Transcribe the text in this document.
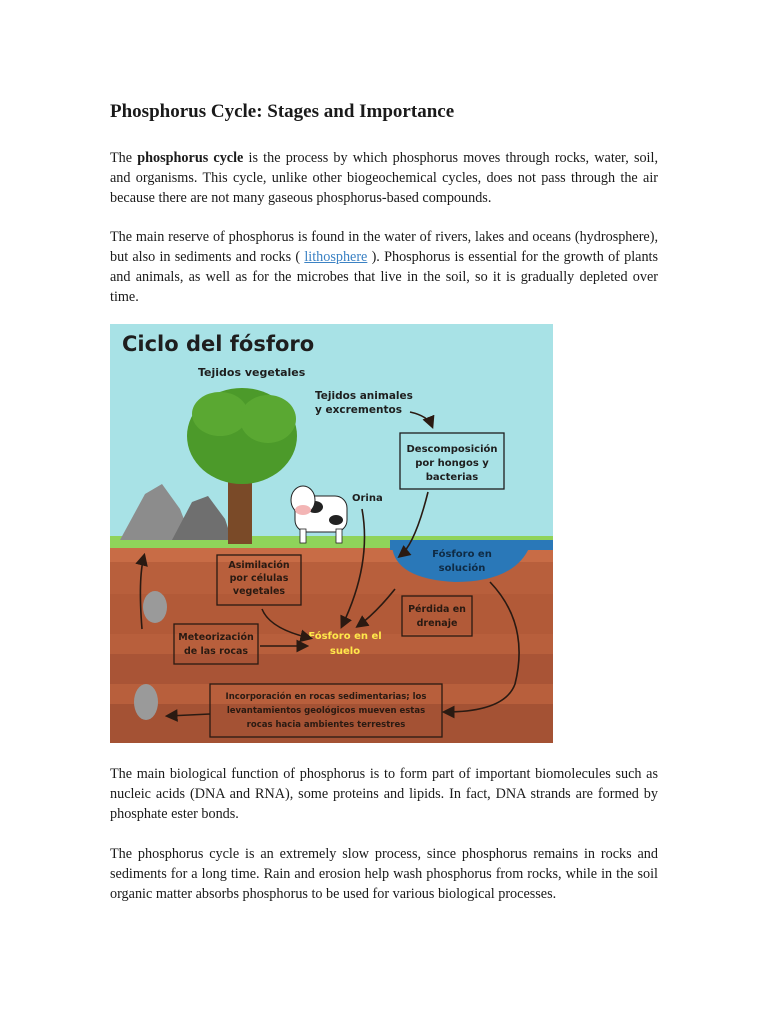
Phosphorus Cycle: Stages and Importance

The phosphorus cycle is the process by which phosphorus moves through rocks, water, soil, and organisms. This cycle, unlike other biogeochemical cycles, does not pass through the air because there are not many gaseous phosphorus-based compounds.

The main reserve of phosphorus is found in the water of rivers, lakes and oceans (hydrosphere), but also in sediments and rocks ( lithosphere ). Phosphorus is essential for the growth of plants and animals, as well as for the microbes that live in the soil, so it is gradually depleted over time.

The main biological function of phosphorus is to form part of important biomolecules such as nucleic acids (DNA and RNA), some proteins and lipids. In fact, DNA strands are formed by phosphate ester bonds.

The phosphorus cycle is an extremely slow process, since phosphorus remains in rocks and sediments for a long time. Rain and erosion help wash phosphorus from rocks, while in the soil organic matter absorbs phosphorus to be used for various biological processes.

Ciclo del fósforo
Tejidos vegetales
Tejidos animales
y excrementos
Descomposición
por hongos y
bacterias
Orina
Fósforo en
solución
Asimilación
por células
vegetales
Pérdida en
drenaje
Meteorización
de las rocas
Fósforo en el
suelo
Incorporación en rocas sedimentarias; los
levantamientos geológicos mueven estas
rocas hacia ambientes terrestres
